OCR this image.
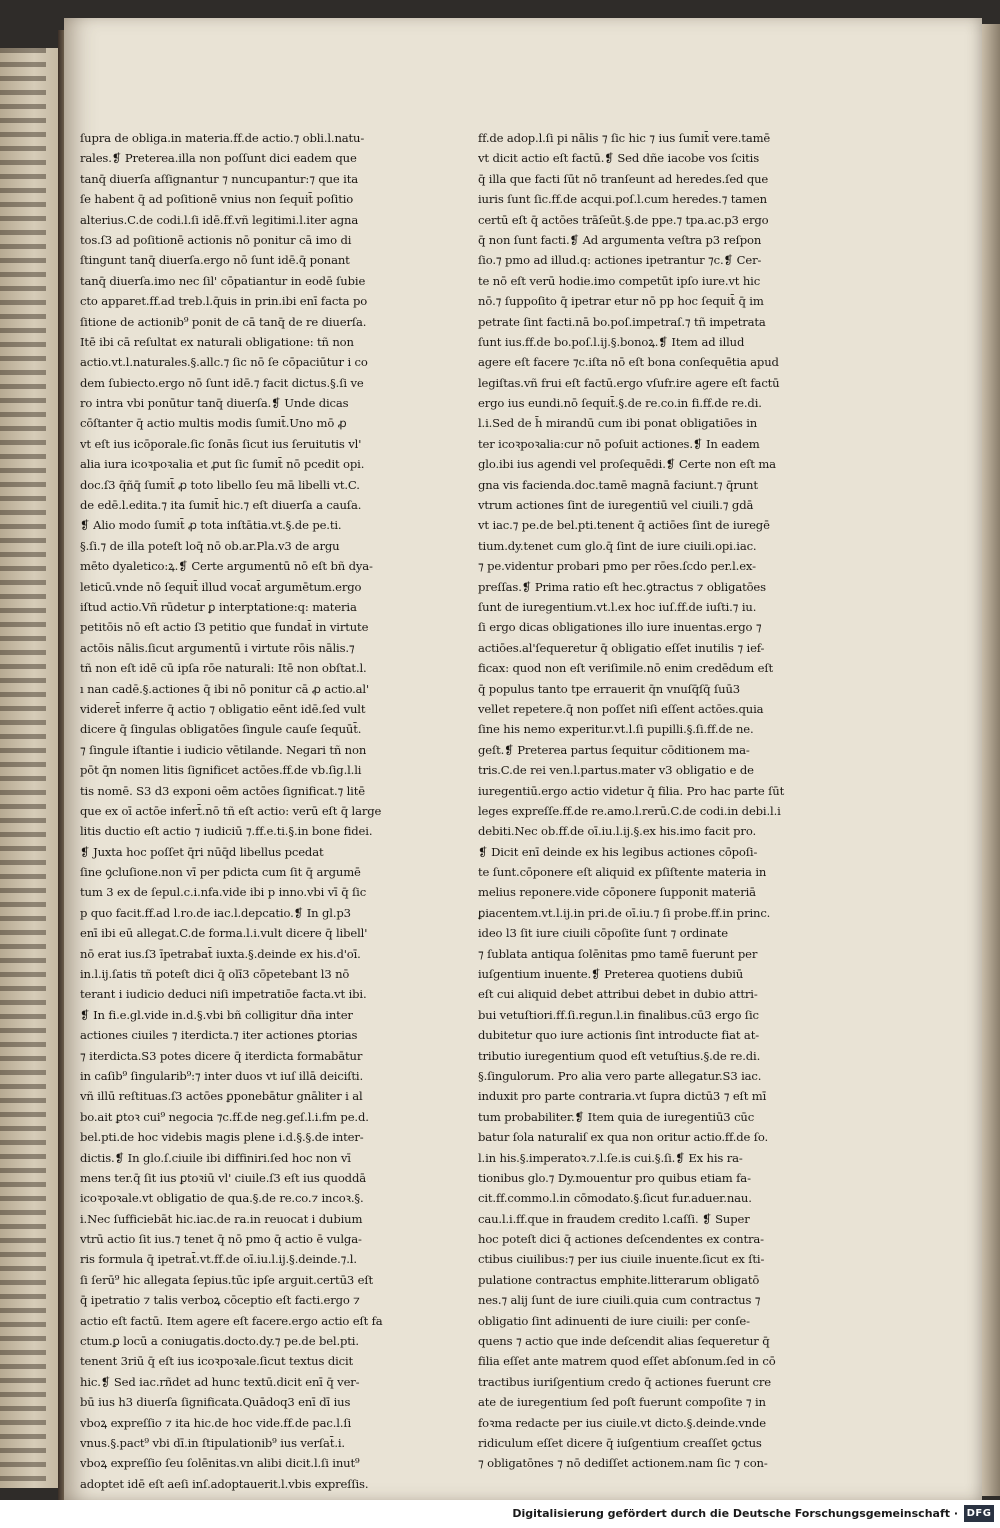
ſupra de obliga.in materia.ff.de actio.⁊ obli.l.natu-
rales.❡ Preterea.illa non poſſunt dici eadem que
tanq̄ diuerſa aſſignantur ⁊ nuncupantur:⁊ que ita
ſe habent q̄ ad poſitionē vnius non ſequit̄ poſitio
alterius.C.de codi.l.ſi idē.ff.vñ legitimi.l.iter agna
tos.ſ3 ad poſitionē actionis nō ponitur cā imo di
ſtingunt tanq̄ diuerſa.ergo nō ſunt idē.q̄ ponant
tanq̄ diuerſa.imo nec ſil' cōpatiantur in eodē ſubie
cto apparet.ff.ad treb.l.q̄uis in prin.ibi enī facta po
ſitione de actionib⁹ ponit de cā tanq̄ de re diuerſa.
Itē ibi cā reſultat ex naturali obligatione: tñ non
actio.vt.l.naturales.§.allc.⁊ ſic nō ſe cōpaciūtur i co
dem ſubiecto.ergo nō ſunt idē.⁊ facit dictus.§.ſi ve
ro intra vbi ponūtur tanq̄ diuerſa.❡ Unde dicas
cōſtanter q̄ actio multis modis ſumit̄.Uno mō ꝓ
vt eſt ius icōporale.ſic ſonās ſicut ius ſeruitutis vl'
alia iura icoꝛpoꝛalia et ꝓut ſic ſumit̄ nō pcedit opi.
doc.ſ3 q̄ñq̄ ſumit̄ ꝓ toto libello ſeu mā libelli vt.C.
de edē.l.edita.⁊ ita ſumit̄ hic.⁊ eſt diuerſa a cauſa.
❡ Alio modo ſumit̄ ꝓ tota inſtātia.vt.§.de pe.ti.
§.ſi.⁊ de illa poteſt loq̄ nō ob.ar.Pla.v3 de argu
mēto dyaletico:ꝝ.❡ Certe argumentū nō eſt bñ dya-
leticū.vnde nō ſequit̄ illud vocat̄ argumētum.ergo
iſtud actio.Vñ rūdetur ꝑ interptatione:q: materia
petitōis nō eſt actio ſ3 petitio que fundat̄ in virtute
actōis nālis.ſicut argumentū i virtute rōis nālis.⁊
tñ non eſt idē cū ipſa rōe naturali: Itē non obſtat.l.
ı nan cadē.§.actiones q̄ ibi nō ponitur cā ꝓ actio.al'
videret̄ inferre q̄ actio ⁊ obligatio eēnt idē.ſed vult
dicere q̄ ſingulas obligatōes ſingule cauſe ſequūt̄.
⁊ ſingule iſtantie i iudicio vētilande. Negari tñ non
pōt q̄n nomen litis ſignificet actōes.ff.de vb.ſig.l.li
tis nomē. S3 d3 exponi oēm actōes ſignificat.⁊ litē
que ex oī actōe infert̄.nō tñ eſt actio: verū eſt q̄ large
litis ductio eſt actio ⁊ iudiciū ⁊.ff.e.ti.§.in bone fidei.
❡ Juxta hoc poſſet q̄ri nūq̄d libellus pcedat
ſine ꝯcluſione.non vī per pdicta cum ſit q̄ argumē
tum 3 ex de ſepul.c.i.nfa.vide ibi p inno.vbi vī q̄ ſic
p quo facit.ff.ad l.ro.de iac.l.depcatio.❡ In gl.p3
enī ibi eū allegat.C.de forma.l.i.vult dicere q̄ libell'
nō erat ius.ſ3 īpetrabat̄ iuxta.§.deinde ex his.d'oī.
in.l.ij.ſatis tñ poteſt dici q̄ olī3 cōpetebant l3 nō
terant i iudicio deduci niſi impetratiōe facta.vt ibi.
❡ In fi.e.gl.vide in.d.§.vbi bñ colligitur dña inter
actiones ciuiles ⁊ iterdicta.⁊ iter actiones ꝑtorias
⁊ iterdicta.S3 potes dicere q̄ iterdicta formabātur
in caſib⁹ ſingularib⁹:⁊ inter duos vt iuſ illā deiciſti.
vñ illū reſtituas.ſ3 actōes ꝑponebātur gnāliter i al
bo.ait ꝑtoꝛ cui⁹ negocia ⁊c.ff.de neg.geſ.l.i.fm pe.d.
bel.pti.de hoc videbis magis plene i.d.§.§.de inter-
dictis.❡ In glo.ſ.ciuile ibi diffiniri.ſed hoc non vī
mens ter.q̄ ſit ius ꝑtoꝛiū vl' ciuile.ſ3 eſt ius quoddā
icoꝛpoꝛale.vt obligatio de qua.§.de re.co.⁊ incoꝛ.§.
i.Nec ſufficiebāt hic.iac.de ra.in reuocat i dubium
vtrū actio ſit ius.⁊ tenet q̄ nō pmo q̄ actio ē vulga-
ris formula q̄ ipetrat̄.vt.ff.de oī.iu.l.ij.§.deinde.⁊.l.
ſi ſerū⁹ hic allegata ſepius.tūc ipſe arguit.certū3 eſt
q̄ ipetratio ⁊ talis verboꝝ cōceptio eſt facti.ergo ⁊
actio eſt factū. Item agere eſt facere.ergo actio eſt fa
ctum.ꝑ locū a coniugatis.docto.dy.⁊ pe.de bel.pti.
tenent 3riū q̄ eſt ius icoꝛpoꝛale.ſicut textus dicit
hic.❡ Sed iac.rñdet ad hunc textū.dicit enī q̄ ver-
bū ius h3 diuerſa ſignificata.Quādoq3 enī dī ius
vboꝝ expreſſio ⁊ ita hic.de hoc vide.ff.de pac.l.ſi
vnus.§.pact⁹ vbi dī.in ſtipulationib⁹ ius verſat̄.i.
vboꝝ expreſſio ſeu ſolēnitas.vn alibi dicit.l.ſi inut⁹
adoptet idē eſt aeſi inſ.adoptauerit.l.vbis expreſſis.
ff.de adop.l.ſi pi nālis ⁊ ſic hic ⁊ ius ſumit̄ vere.tamē
vt dicit actio eſt factū.❡ Sed dñe iacobe vos ſcitis
q̄ illa que facti ſūt nō tranſeunt ad heredes.ſed que
iuris ſunt ſic.ff.de acqui.poſ.l.cum heredes.⁊ tamen
certū eſt q̄ actōes trāſeūt.§.de ppe.⁊ tpa.ac.p3 ergo
q̄ non ſunt facti.❡ Ad argumenta veſtra p3 reſpon
ſio.⁊ pmo ad illud.q: actiones ipetrantur ⁊c.❡ Cer-
te nō eſt verū hodie.imo competūt ipſo iure.vt hic
nō.⁊ ſuppoſito q̄ ipetrar etur nō pp hoc ſequit̄ q̄ im
petrate ſint facti.nā bo.poſ.impetraſ.⁊ tñ impetrata
ſunt ius.ff.de bo.poſ.l.ij.§.bonoꝝ.❡ Item ad illud
agere eſt facere ⁊c.iſta nō eſt bona conſequētia apud
legiſtas.vñ frui eſt factū.ergo vſufr.ire agere eſt factū
ergo ius eundi.nō ſequit̄.§.de re.co.in fi.ff.de re.di.
l.i.Sed de h̄ mirandū cum ibi ponat obligatiōes in
ter icoꝛpoꝛalia:cur nō poſuit actiones.❡ In eadem
glo.ibi ius agendi vel proſequēdi.❡ Certe non eſt ma
gna vis facienda.doc.tamē magnā faciunt.⁊ q̄runt
vtrum actiones ſint de iuregentiū vel ciuili.⁊ gdā
vt iac.⁊ pe.de bel.pti.tenent q̄ actiōes ſint de iuregē
tium.dy.tenet cum glo.q̄ ſint de iure ciuili.opi.iac.
⁊ pe.videntur probari pmo per rōes.ſcdo per.l.ex-
preſſas.❡ Prima ratio eſt hec.ꝯtractus ⁊ obligatōes
ſunt de iuregentium.vt.l.ex hoc iuſ.ff.de iuſti.⁊ iu.
ſi ergo dicas obligationes illo iure inuentas.ergo ⁊
actiōes.al'ſequeretur q̄ obligatio eſſet inutilis ⁊ ief-
ficax: quod non eſt veriſimile.nō enim credēdum eſt
q̄ populus tanto tpe errauerit q̄n vnuſq̄ſq̄ ſuū3
vellet repetere.q̄ non poſſet niſi eſſent actōes.quia
ſine his nemo experitur.vt.l.ſi pupilli.§.ſi.ff.de ne.
geſt.❡ Preterea partus ſequitur cōditionem ma-
tris.C.de rei ven.l.partus.mater v3 obligatio e de
iuregentiū.ergo actio videtur q̄ filia. Pro hac parte ſūt
leges expreſſe.ff.de re.amo.l.rerū.C.de codi.in debi.l.i
debiti.Nec ob.ff.de oī.iu.l.ij.§.ex his.imo facit pro.
❡ Dicit enī deinde ex his legibus actiones cōpoſi-
te ſunt.cōponere eſt aliquid ex pſiſtente materia in
melius reponere.vide cōponere ſupponit materiā
ꝑiacentem.vt.l.ij.in pri.de oī.iu.⁊ ſi probe.ff.in princ.
ideo l3 ſit iure ciuili cōpoſite ſunt ⁊ ordinate
⁊ ſublata antiqua ſolēnitas pmo tamē fuerunt per
iuſgentium inuente.❡ Preterea quotiens dubiū
eſt cui aliquid debet attribui debet in dubio attri-
bui vetuſtiori.ff.ſi.regun.l.in finalibus.cū3 ergo ſic
dubitetur quo iure actionis ſint introducte fiat at-
tributio iuregentium quod eſt vetuſtius.§.de re.di.
§.ſingulorum. Pro alia vero parte allegatur.S3 iac.
induxit pro parte contraria.vt ſupra dictū3 ⁊ eſt mī
tum probabiliter.❡ Item quia de iuregentiū3 cūc
batur ſola naturaliſ ex qua non oritur actio.ff.de ſo.
l.in his.§.imperatoꝛ.⁊.l.ſe.is cui.§.ſi.❡ Ex his ra-
tionibus glo.⁊ Dy.mouentur pro quibus etiam fa-
cit.ff.commo.l.in cōmodato.§.ſicut fur.aduer.nau.
cau.l.i.ff.que in fraudem credito l.caſſi. ❡ Super
hoc poteſt dici q̄ actiones deſcendentes ex contra-
ctibus ciuilibus:⁊ per ius ciuile inuente.ſicut ex ſti-
pulatione contractus emphite.litterarum obligatō
nes.⁊ alij ſunt de iure ciuili.quia cum contractus ⁊
obligatio ſint adinuenti de iure ciuili: per conſe-
quens ⁊ actio que inde deſcendit alias ſequeretur q̄
filia eſſet ante matrem quod eſſet abſonum.ſed in cō
tractibus iuriſgentium credo q̄ actiones fuerunt cre
ate de iuregentium ſed poſt fuerunt compoſite ⁊ in
foꝛma redacte per ius ciuile.vt dicto.§.deinde.vnde
ridiculum eſſet dicere q̄ iuſgentium creaſſet ꝯctus
⁊ obligatōnes ⁊ nō dediſſet actionem.nam ſic ⁊ con-
Digitalisierung gefördert durch die Deutsche Forschungsgemeinschaft · DFG
